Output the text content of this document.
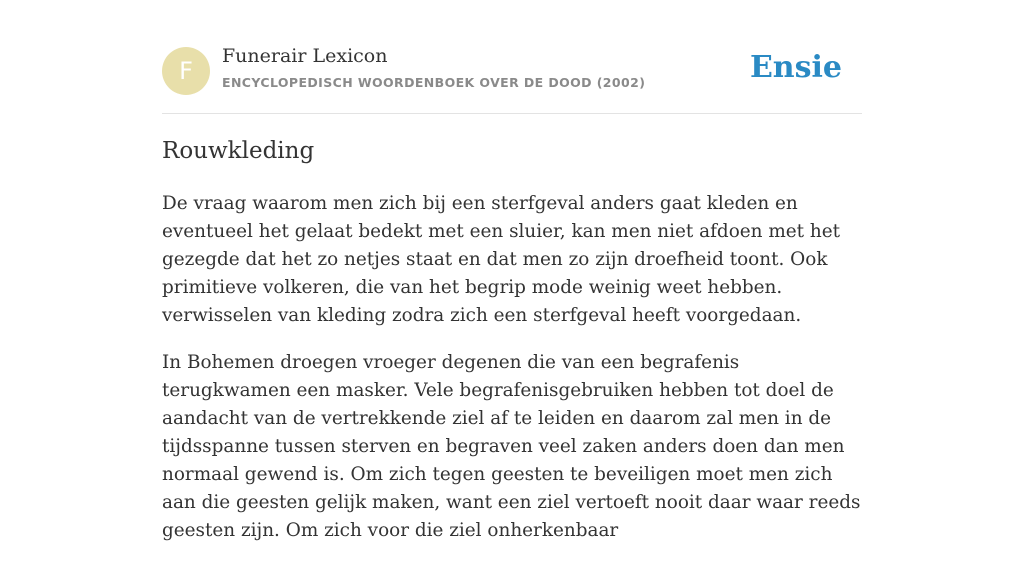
F
Funerair Lexicon
ENCYCLOPEDISCH WOORDENBOEK OVER DE DOOD (2002)	Ensie
Rouwkleding

De vraag waarom men zich bij een sterfgeval anders gaat kleden en eventueel het gelaat bedekt met een sluier, kan men niet afdoen met het gezegde dat het zo netjes staat en dat men zo zijn droefheid toont. Ook primitieve volkeren, die van het begrip mode weinig weet hebben. verwisselen van kleding zodra zich een sterfgeval heeft voorgedaan.

In Bohemen droegen vroeger degenen die van een begrafenis terugkwamen een masker. Vele begrafenisgebruiken hebben tot doel de aandacht van de vertrekkende ziel af te leiden en daarom zal men in de tijdsspanne tussen sterven en begraven veel zaken anders doen dan men normaal gewend is. Om zich tegen geesten te beveiligen moet men zich aan die geesten gelijk maken, want een ziel vertoeft nooit daar waar reeds geesten zijn. Om zich voor die ziel onherkenbaar
